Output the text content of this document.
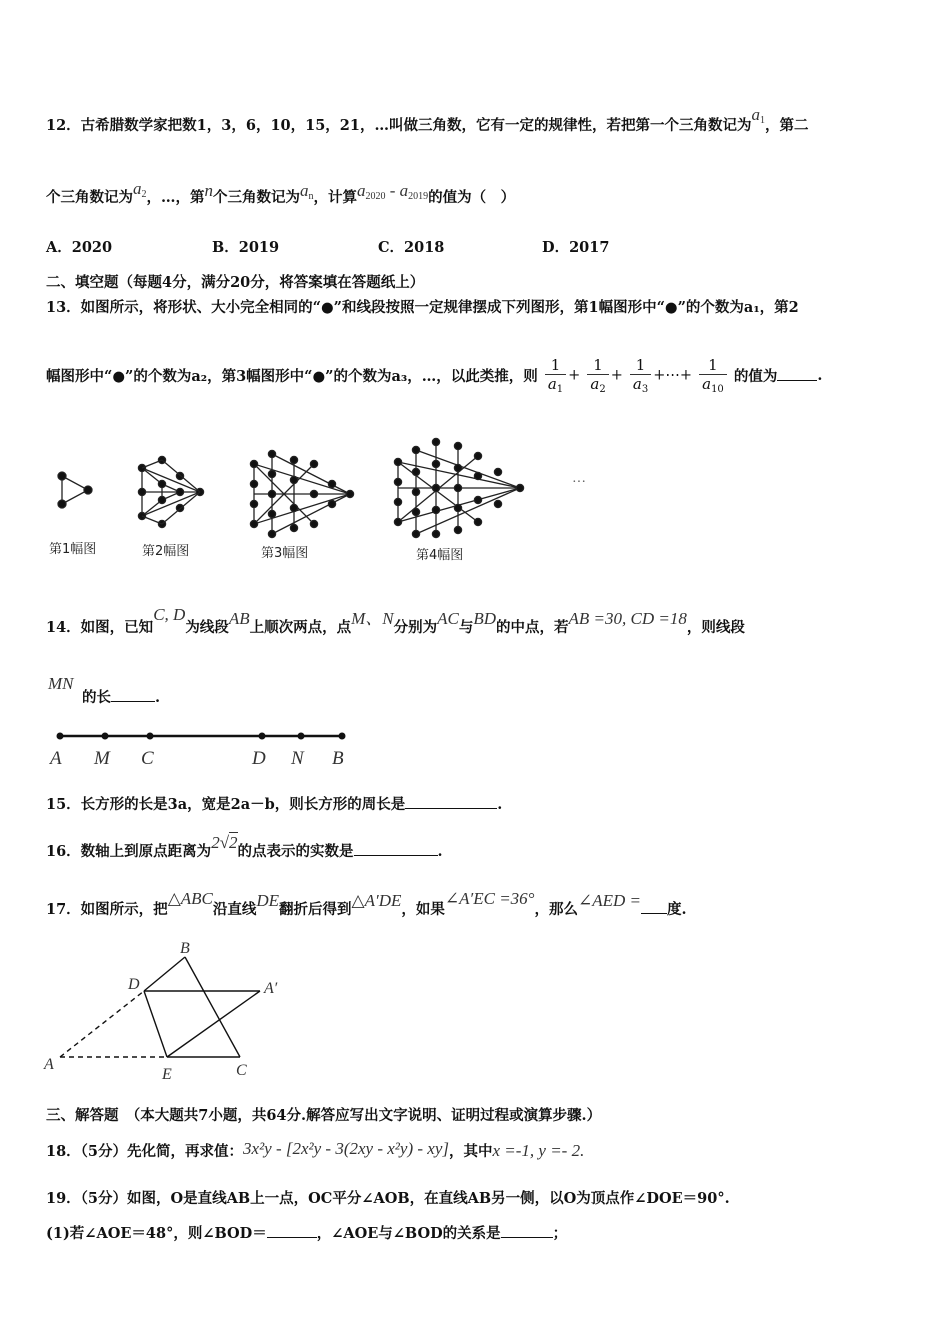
12．古希腊数学家把数1，3，6，10，15，21，…叫做三角数，它有一定的规律性，若把第一个三角数记为$a_1$，第二
个三角数记为$a_2$，…，第n个三角数记为$a_n$，计算$a_{2020} - a_{2019}$的值为（　）
A．2020	B．2019	C．2018	D．2017
二、填空题（每题4分，满分20分，将答案填在答题纸上）
13．如图所示，将形状、大小完全相同的“●”和线段按照一定规律摆成下列图形，第1幅图形中“●”的个数为a₁，第2
幅图形中“●”的个数为a₂，第3幅图形中“●”的个数为a₃，…，以此类推，则 $\frac{1}{a_1} + \frac{1}{a_2} + \frac{1}{a_3}$ +⋯+ $\frac{1}{a_{10}}$ 的值为	.
···
第1幅图	第2幅图	第3幅图	第4幅图
14．如图，已知C, D为线段AB上顺次两点，点M、N分别为AC与BD的中点，若AB =30, CD =18，则线段
MN
的长	.
A M C	D N B
15．长方形的长是3a，宽是2a－b，则长方形的周长是	.
16．数轴上到原点距离为2√2的点表示的实数是	.
17．如图所示，把△ABC沿直线DE翻折后得到△A′DE，如果∠A′EC =36°，那么∠AED = 度.
B
D	A′
A
E	C
三、解答题　（本大题共7小题，共64分.解答应写出文字说明、证明过程或演算步骤.）
18．（5分）先化简，再求值：3x²y - [2x²y - 3(2xy - x²y) - xy]，其中x =-1, y =- 2.
19．（5分）如图，O是直线AB上一点，OC平分∠AOB，在直线AB另一侧，以O为顶点作∠DOE＝90°.
(1)若∠AOE＝48°，则∠BOD＝	，∠AOE与∠BOD的关系是	；
